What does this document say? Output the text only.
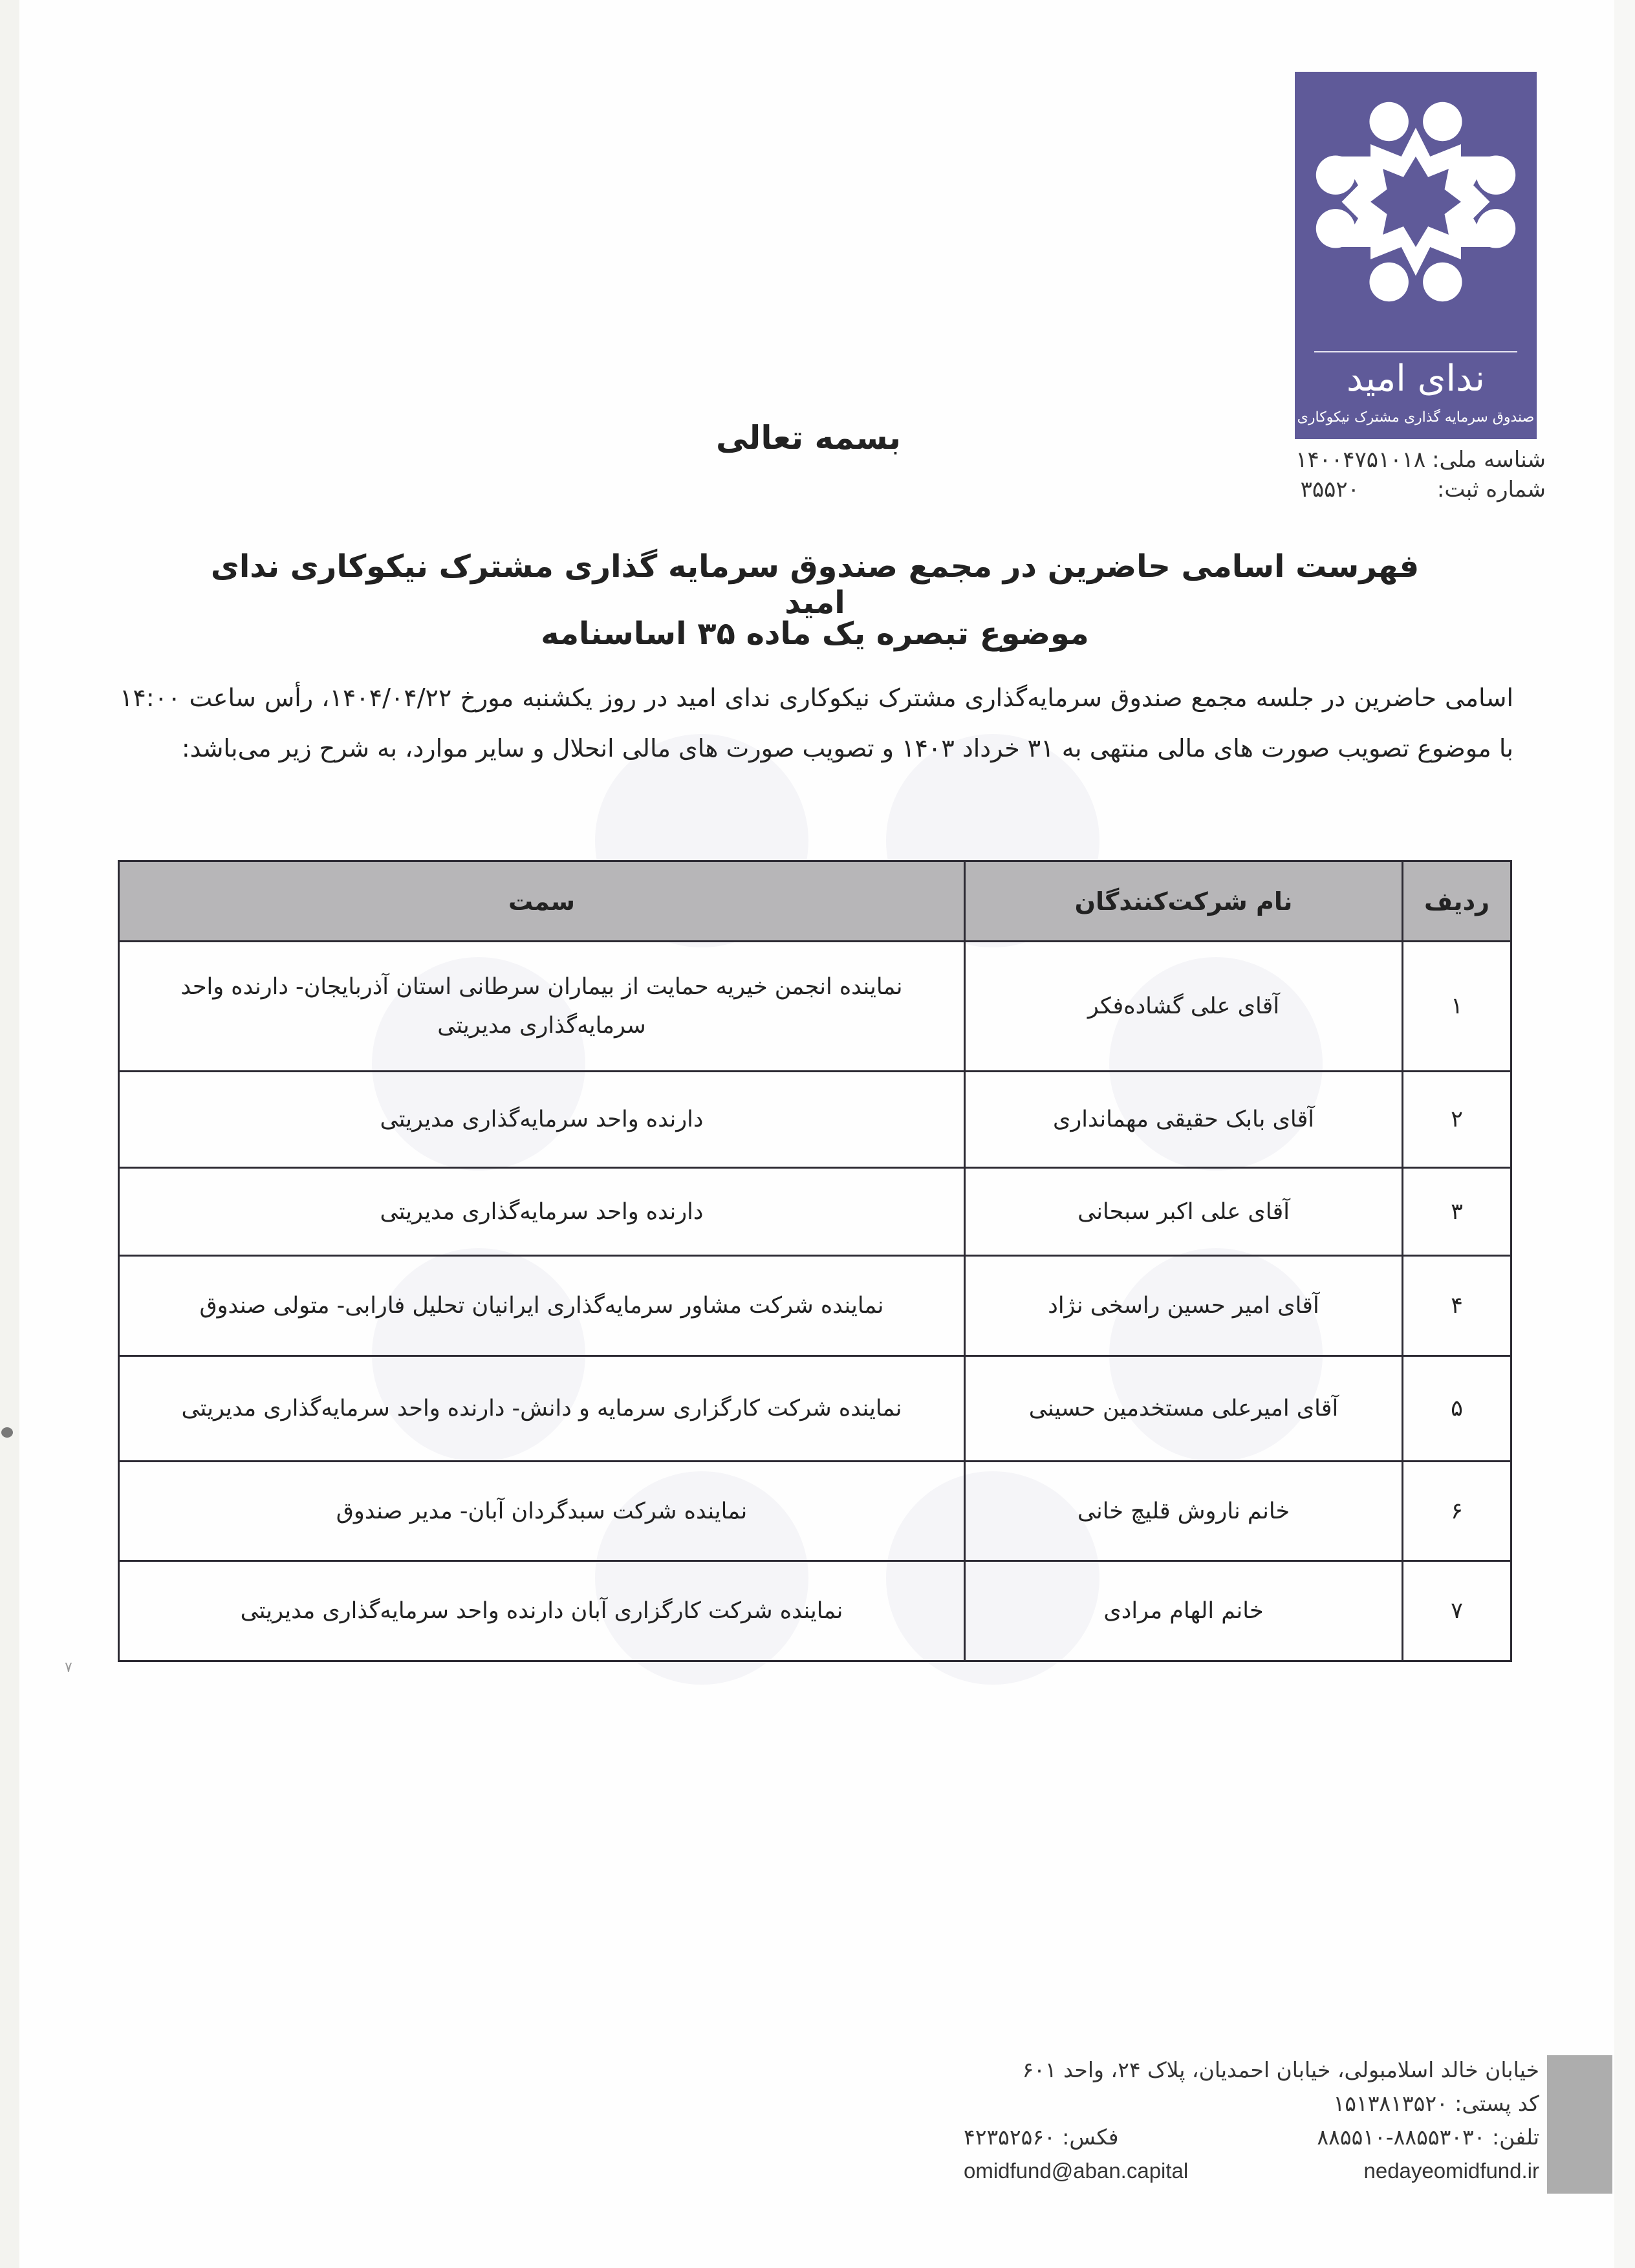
۷
ندای امید
صندوق سرمایه گذاری مشترک نیکوکاری
شناسه ملی:
۱۴۰۰۴۷۵۱۰۱۸
شماره ثبت:
۳۵۵۲۰
بسمه تعالی
فهرست اسامی حاضرین در مجمع صندوق سرمایه گذاری مشترک نیکوکاری ندای امید
موضوع تبصره یک ماده ۳۵ اساسنامه
اسامی حاضرین در جلسه مجمع صندوق سرمایه‌گذاری مشترک نیکوکاری ندای امید در روز یکشنبه مورخ ۱۴۰۴/۰۴/۲۲، رأس ساعت ۱۴:۰۰ با موضوع تصویب صورت های مالی منتهی به ۳۱ خرداد ۱۴۰۳ و تصویب صورت های مالی انحلال و سایر موارد، به شرح زیر می‌باشد:
ردیف	نام شرکت‌کنندگان	سمت
۱	آقای علی گشاده‌فکر	نماینده انجمن خیریه حمایت از بیماران سرطانی استان آذربایجان- دارنده واحد سرمایه‌گذاری مدیریتی
۲	آقای بابک حقیقی مهمانداری	دارنده واحد سرمایه‌گذاری مدیریتی
۳	آقای علی اکبر سبحانی	دارنده واحد سرمایه‌گذاری مدیریتی
۴	آقای امیر حسین راسخی نژاد	نماینده شرکت مشاور سرمایه‌گذاری ایرانیان تحلیل فارابی- متولی صندوق
۵	آقای امیرعلی مستخدمین حسینی	نماینده شرکت کارگزاری سرمایه و دانش- دارنده واحد سرمایه‌گذاری مدیریتی
۶	خانم ناروش قلیچ خانی	نماینده شرکت سبدگردان آبان- مدیر صندوق
۷	خانم الهام مرادی	نماینده شرکت کارگزاری آبان دارنده واحد سرمایه‌گذاری مدیریتی
خیابان خالد اسلامبولی، خیابان احمدیان، پلاک ۲۴، واحد ۶۰۱
کد پستی: ۱۵۱۳۸۱۳۵۲۰
تلفن: ۸۸۵۵۳۰۳۰-۸۸۵۵۱۰
فکس: ۴۲۳۵۲۵۶۰
nedayeomidfund.ir
omidfund@aban.capital
